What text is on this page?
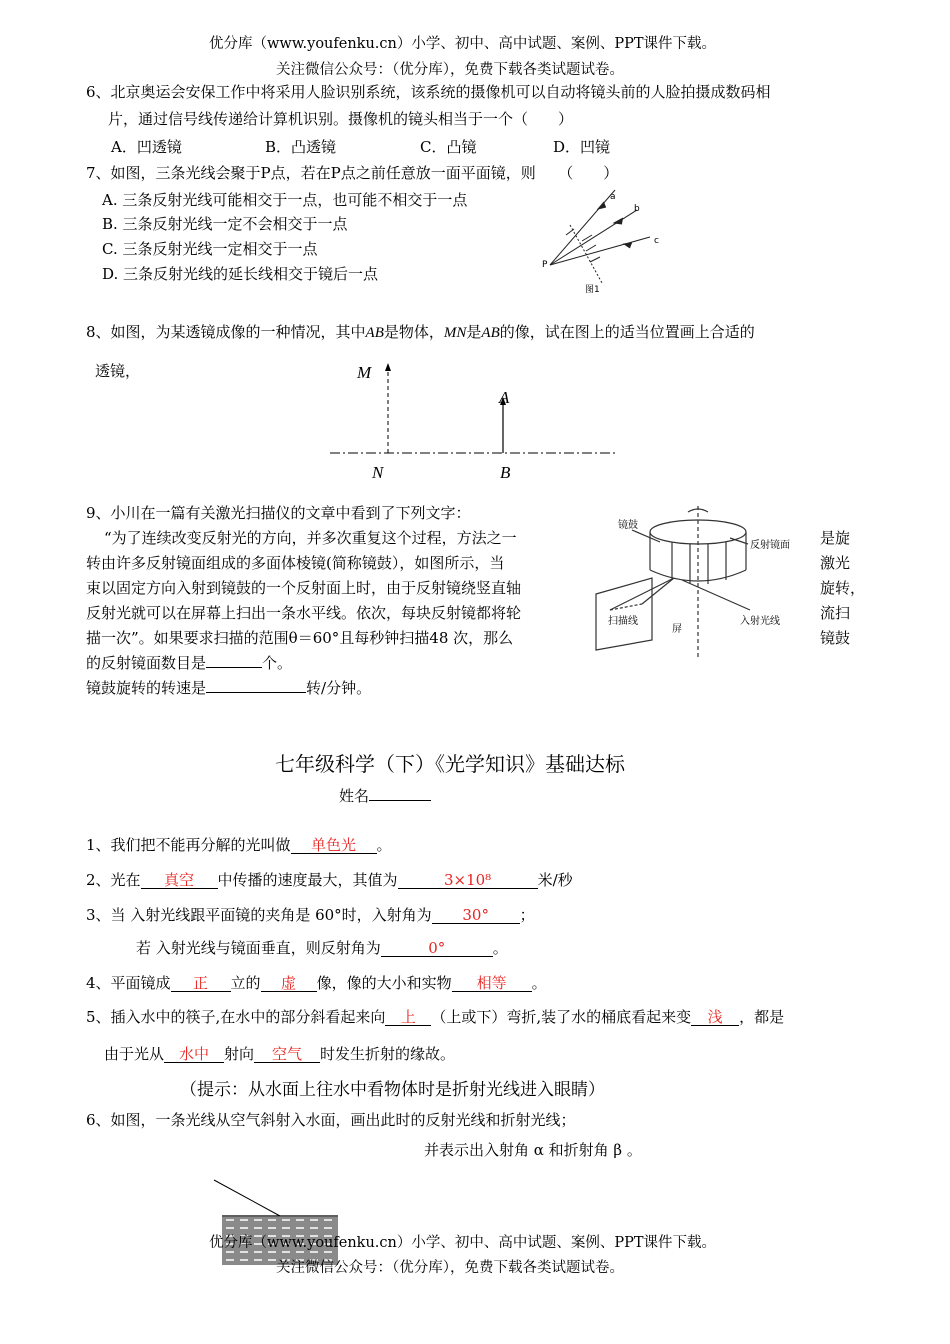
优分库（www.youfenku.cn）小学、初中、高中试题、案例、PPT课件下载。
关注微信公众号：（优分库），免费下载各类试题试卷。
6、北京奥运会安保工作中将采用人脸识别系统，该系统的摄像机可以自动将镜头前的人脸拍摄成数码相
片，通过信号线传递给计算机识别。摄像机的镜头相当于一个（　　）
A．凹透镜	B．凸透镜	C．凸镜	D．凹镜
7、如图，三条光线会聚于P点，若在P点之前任意放一面平面镜，则　　（　　）
A. 三条反射光线可能相交于一点，也可能不相交于一点
B. 三条反射光线一定不会相交于一点
C. 三条反射光线一定相交于一点
D. 三条反射光线的延长线相交于镜后一点
a
b
c
P
图1
8、如图，为某透镜成像的一种情况，其中AB是物体，MN是AB的像，试在图上的适当位置画上合适的
透镜，	M
N
A
B
9、小川在一篇有关激光扫描仪的文章中看到了下列文字：
“为了连续改变反射光的方向，并多次重复这个过程，方法之一	是旋
转由许多反射镜面组成的多面体棱镜(简称镜鼓），如图所示，当	激光
束以固定方向入射到镜鼓的一个反射面上时，由于反射镜绕竖直轴	旋转，
反射光就可以在屏幕上扫出一条水平线。依次，每块反射镜都将轮	流扫
描一次”。如果要求扫描的范围θ＝60°且每秒钟扫描48 次，那么	镜鼓
的反射镜面数目是	个。
镜鼓旋转的转速是	转/分钟。
镜鼓
反射镜面
扫描线
屏
入射光线
七年级科学（下）《光学知识》基础达标
姓名
1、我们把不能再分解的光叫做 单色光 。
2、光在 真空 中传播的速度最大，其值为	3×10⁸	米/秒
3、当 入射光线跟平面镜的夹角是 60°时，入射角为 30° ；
若 入射光线与镜面垂直，则反射角为	0°	。
4、平面镜成 正 立的 虚 像，像的大小和实物 相等 。
5、插入水中的筷子,在水中的部分斜看起来向 上 （上或下）弯折,装了水的桶底看起来变 浅 ，都是
由于光从 水中 射向 空气 时发生折射的缘故。
（提示：从水面上往水中看物体时是折射光线进入眼睛）
6、如图，一条光线从空气斜射入水面，画出此时的反射光线和折射光线；
并表示出入射角 α 和折射角 β 。
优分库（www.youfenku.cn）小学、初中、高中试题、案例、PPT课件下载。
关注微信公众号：（优分库），免费下载各类试题试卷。
